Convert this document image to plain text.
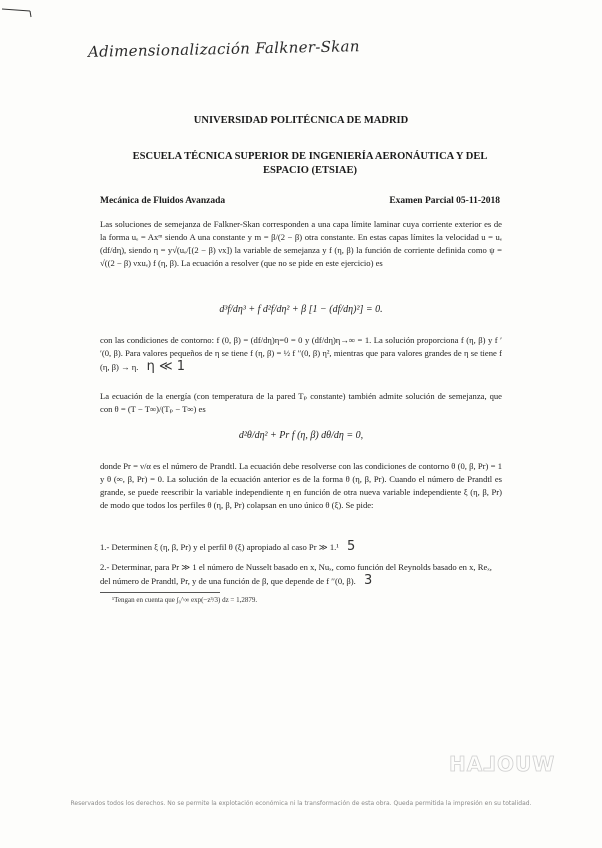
Adimensionalización Falkner-Skan
UNIVERSIDAD POLITÉCNICA DE MADRID
ESCUELA TÉCNICA SUPERIOR DE INGENIERÍA AERONÁUTICA Y DEL ESPACIO (ETSIAE)
Mecánica de Fluidos Avanzada	Examen Parcial 05-11-2018
Las soluciones de semejanza de Falkner-Skan corresponden a una capa límite laminar cuya corriente exterior es de la forma uₑ = Axᵐ siendo A una constante y m = β/(2 − β) otra constante. En estas capas límites la velocidad u = uₑ (df/dη), siendo η = y√(uₑ/[(2 − β) νx]) la variable de semejanza y f (η, β) la función de corriente definida como ψ = √((2 − β) νxuₑ) f (η, β). La ecuación a resolver (que no se pide en este ejercicio) es
d³f/dη³ + f d²f/dη² + β [1 − (df/dη)²] = 0.
con las condiciones de contorno: f (0, β) = (df/dη)η=0 = 0 y (df/dη)η→∞ = 1. La solución proporciona f (η, β) y f ′′(0, β). Para valores pequeños de η se tiene f (η, β) = ½ f ′′(0, β) η², mientras que para valores grandes de η se tiene f (η, β) → η. η ≪ 1
La ecuación de la energía (con temperatura de la pared Tₚ constante) también admite solución de semejanza, que con θ = (T − T∞)/(Tₚ − T∞) es
d²θ/dη² + Pr f (η, β) dθ/dη = 0,
donde Pr = ν/α es el número de Prandtl. La ecuación debe resolverse con las condiciones de contorno θ (0, β, Pr) = 1 y θ (∞, β, Pr) = 0. La solución de la ecuación anterior es de la forma θ (η, β, Pr). Cuando el número de Prandtl es grande, se puede reescribir la variable independiente η en función de otra nueva variable independiente ξ (η, β, Pr) de modo que todos los perfiles θ (η, β, Pr) colapsan en uno único θ (ξ). Se pide:
1.- Determinen ξ (η, β, Pr) y el perfil θ (ξ) apropiado al caso Pr ≫ 1.¹ 5
2.- Determinar, para Pr ≫ 1 el número de Nusselt basado en x, Nuₓ, como función del Reynolds basado en x, Reₓ, del número de Prandtl, Pr, y de una función de β, que depende de f ′′(0, β). 3
¹Tengan en cuenta que ∫₀^∞ exp(−z³/3) dz = 1,2879.
WUOLAH
Reservados todos los derechos. No se permite la explotación económica ni la transformación de esta obra. Queda permitida la impresión en su totalidad.
